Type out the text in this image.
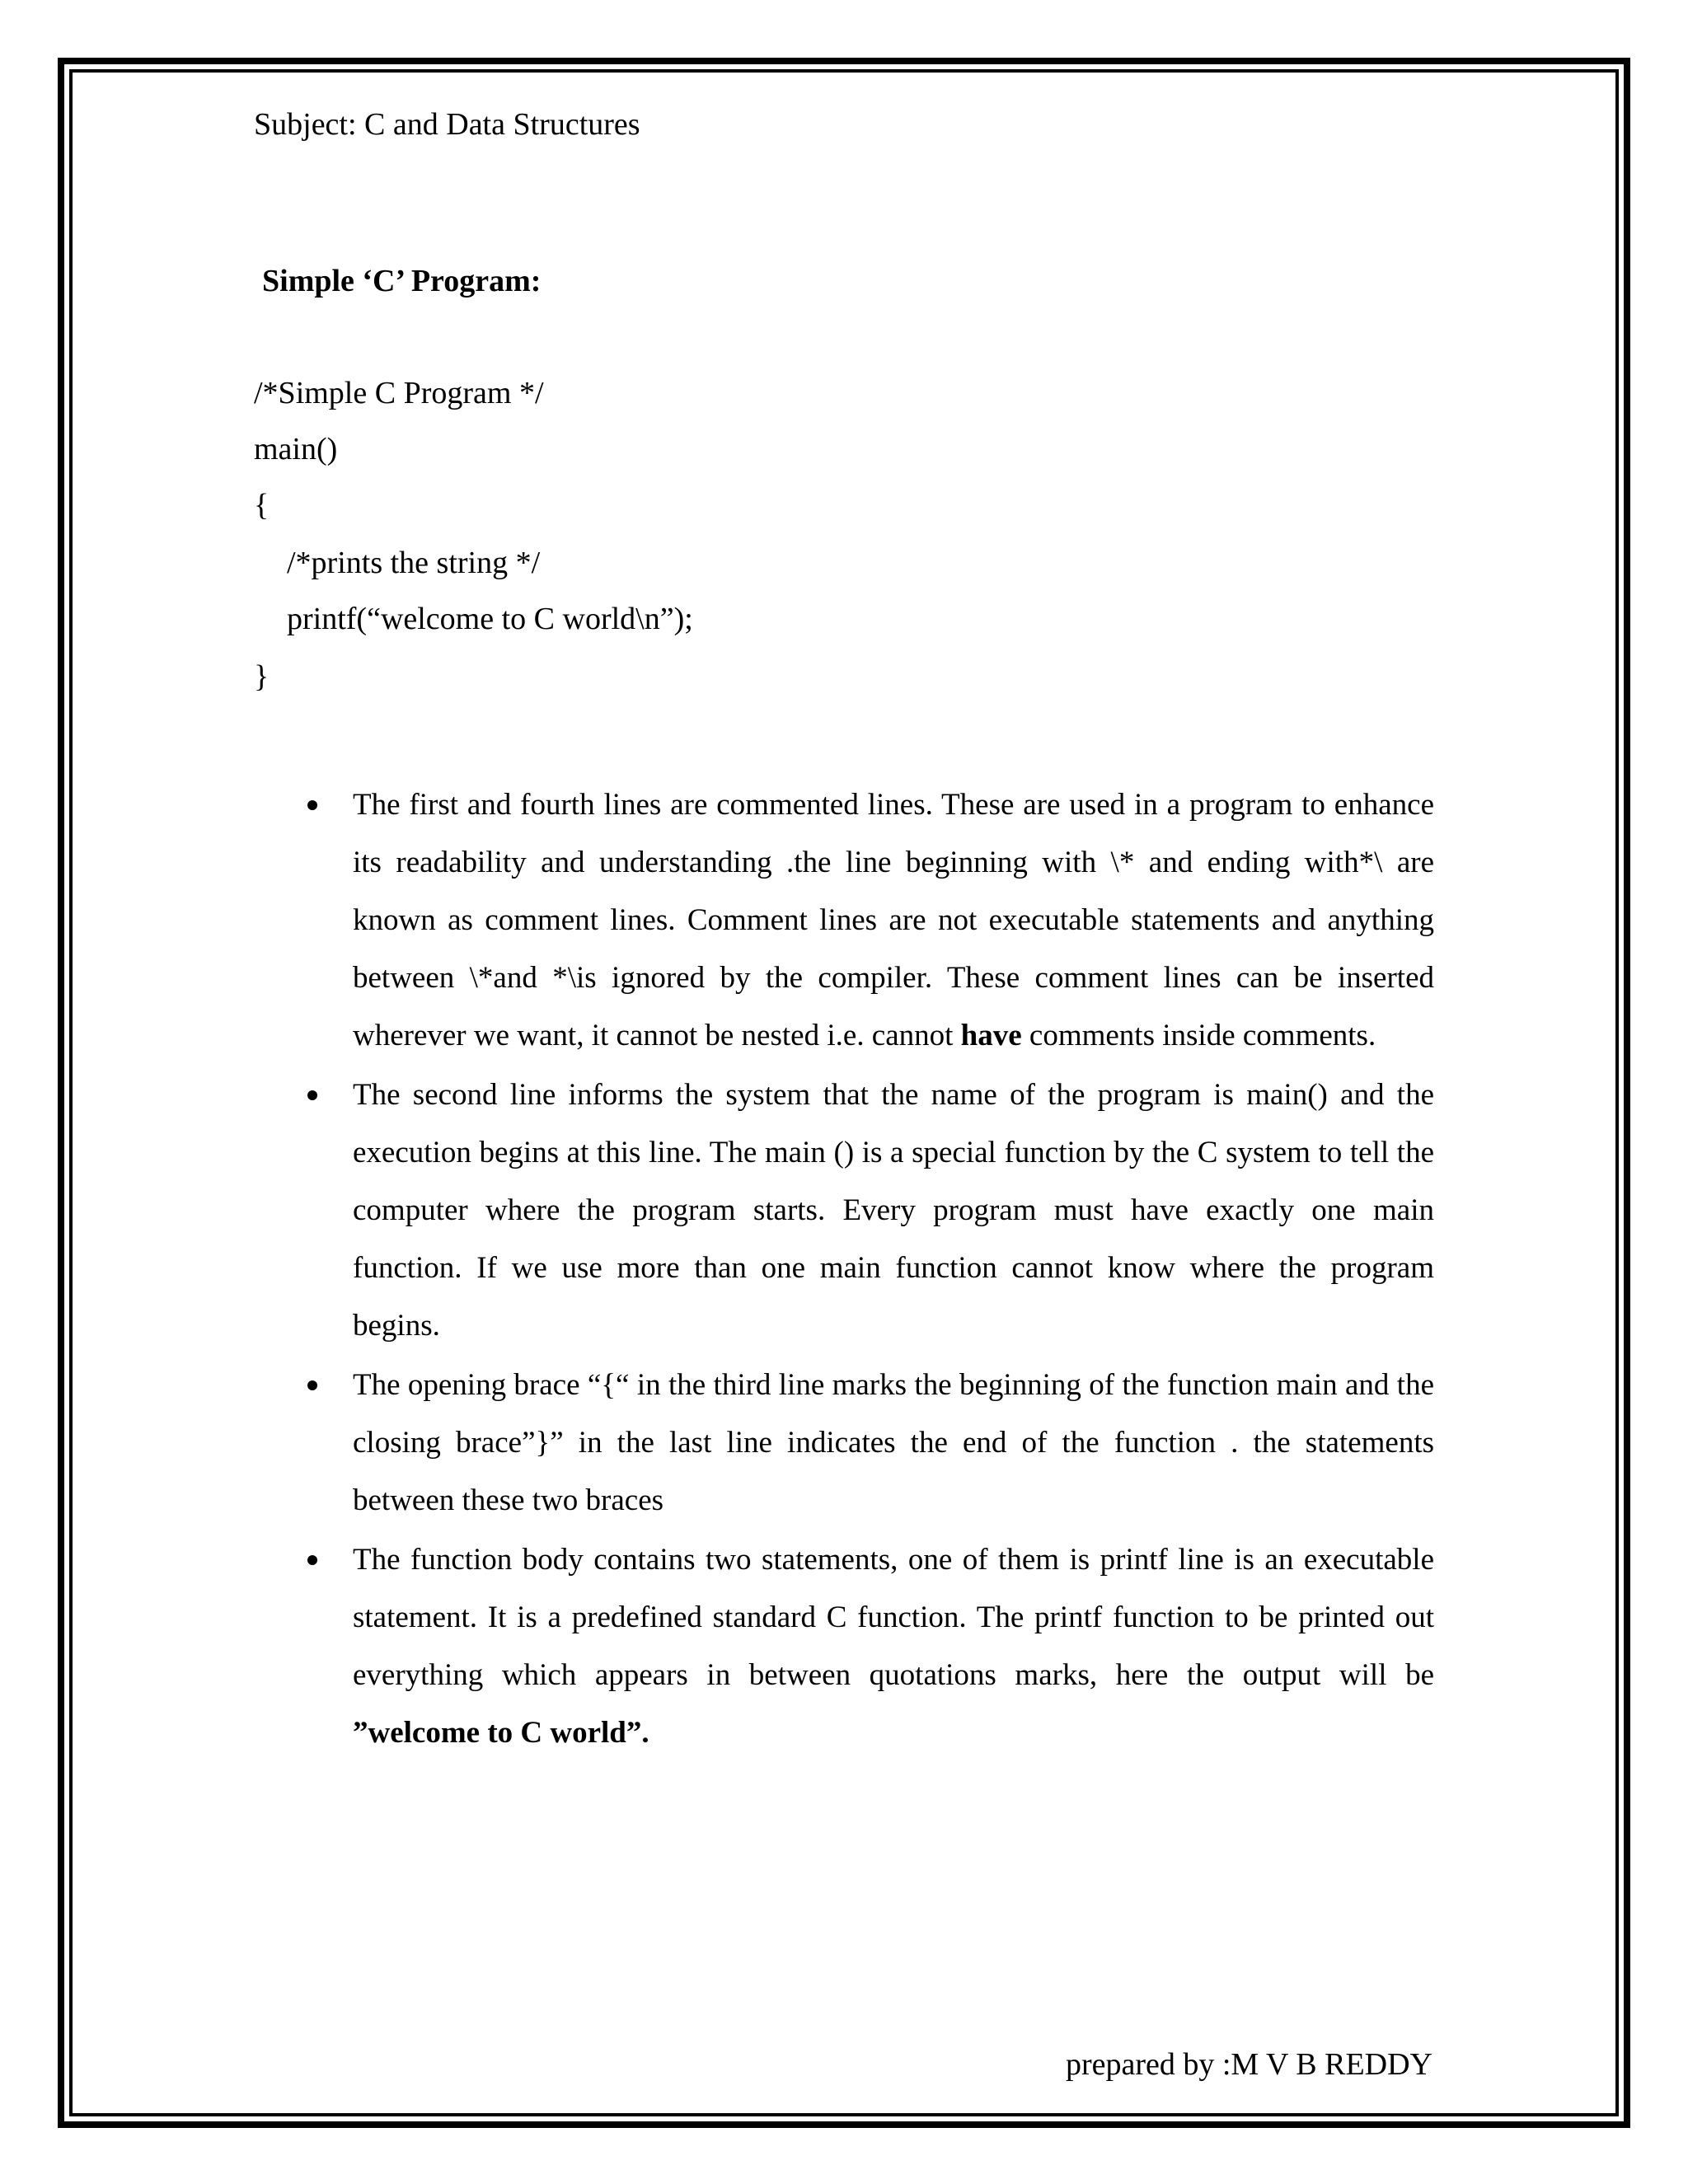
Subject: C and Data Structures
Simple ‘C’ Program:
/*Simple C Program */
main()
{
/*prints the string */
printf(“welcome to C world\n”);
}
The first and fourth lines are commented lines. These are used in a program to enhance its readability and understanding .the line beginning with \* and ending with*\ are known as comment lines. Comment lines are not executable statements and anything between \*and *\is ignored by the compiler. These comment lines can be inserted wherever we want, it cannot be nested i.e. cannot have comments inside comments.
The second line informs the system that the name of the program is main() and the execution begins at this line. The main () is a special function by the C system to tell the computer where the program starts. Every program must have exactly one main function. If we use more than one main function cannot know where the program begins.
The opening brace “{“ in the third line marks the beginning of the function main and the closing brace”}” in the last line indicates the end of the function . the statements between these two braces
The function body contains two statements, one of them is printf line is an executable statement. It is a predefined standard C function. The printf function to be printed out everything which appears in between quotations marks, here the output will be ”welcome to C world”.
prepared by :M V B REDDY
